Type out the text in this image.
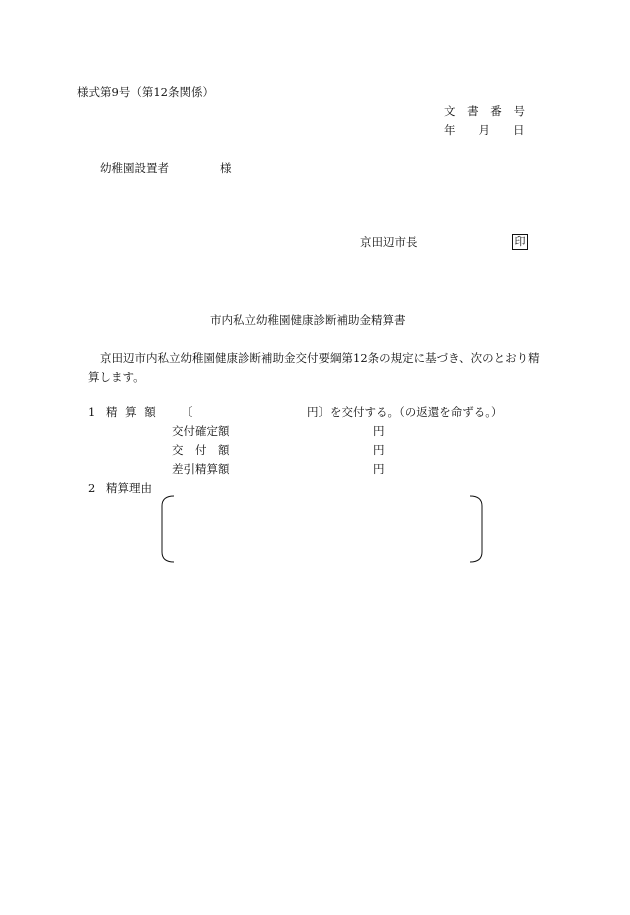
様式第9号（第12条関係）
文 書 番 号
年　　月　　日
幼稚園設置者	様
京田辺市長	印
市内私立幼稚園健康診断補助金精算書
京田辺市内私立幼稚園健康診断補助金交付要綱第12条の規定に基づき、次のとおり精
算します。
1 精 算 額 〔	円〕を交付する。（の返還を命ずる。）
交付確定額	円
交　付　額	円
差引精算額	円
2 精算理由
